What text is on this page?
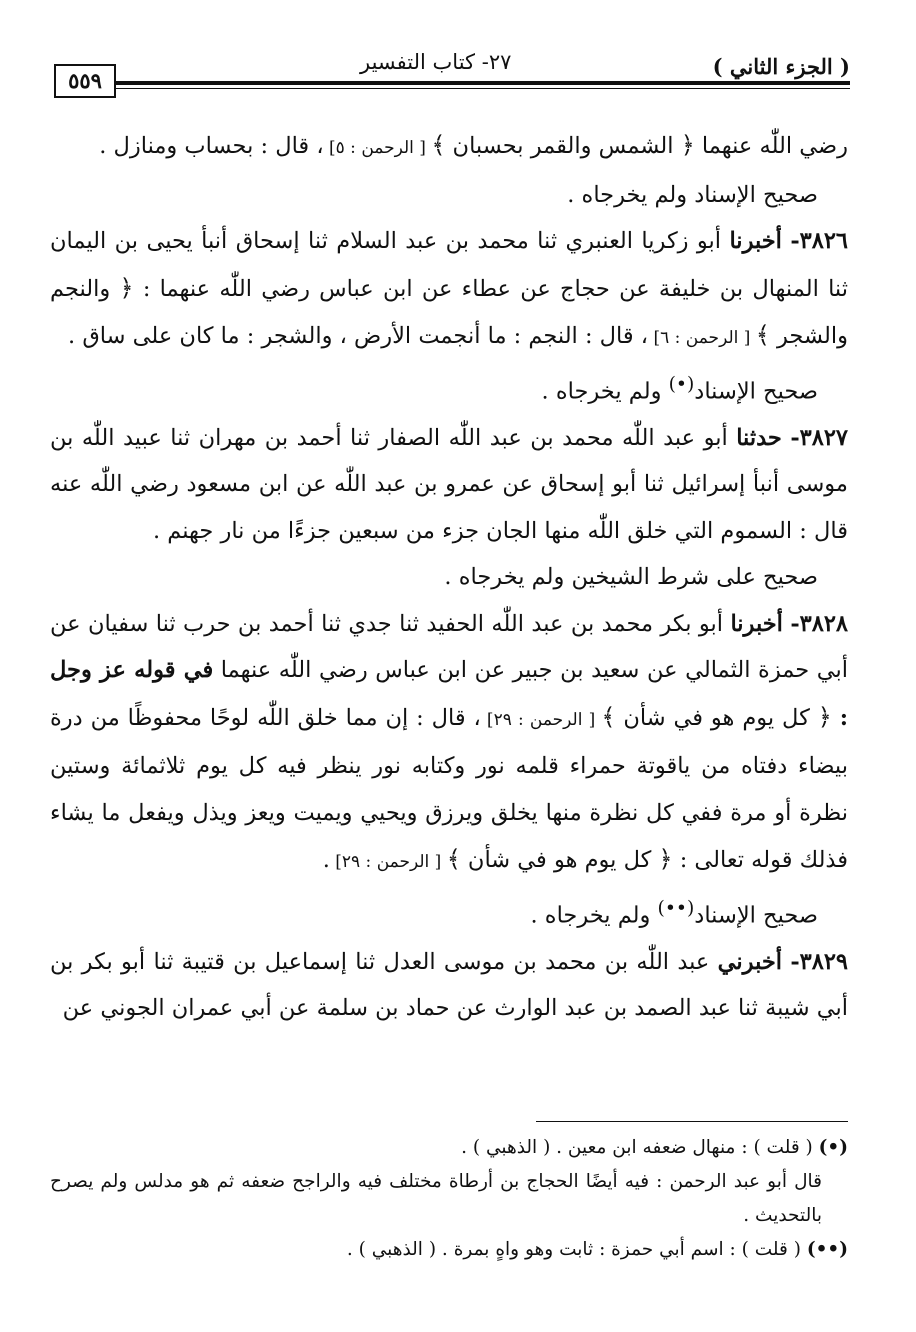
( الجزء الثاني )
٢٧- كتاب التفسير
٥٥٩

رضي اللّٰه عنهما ﴿ الشمس والقمر بحسبان ﴾ [ الرحمن : ٥] ، قال : بحساب ومنازل .

صحيح الإسناد ولم يخرجاه .

٣٨٢٦- أخبرنا أبو زكريا العنبري ثنا محمد بن عبد السلام ثنا إسحاق أنبأ يحيى بن اليمان ثنا المنهال بن خليفة عن حجاج عن عطاء عن ابن عباس رضي اللّٰه عنهما : ﴿ والنجم والشجر ﴾ [ الرحمن : ٦] ، قال : النجم : ما أنجمت الأرض ، والشجر : ما كان على ساق .

صحيح الإسناد(•) ولم يخرجاه .

٣٨٢٧- حدثنا أبو عبد اللّٰه محمد بن عبد اللّٰه الصفار ثنا أحمد بن مهران ثنا عبيد اللّٰه بن موسى أنبأ إسرائيل ثنا أبو إسحاق عن عمرو بن عبد اللّٰه عن ابن مسعود رضي اللّٰه عنه قال : السموم التي خلق اللّٰه منها الجان جزء من سبعين جزءًا من نار جهنم .

صحيح على شرط الشيخين ولم يخرجاه .

٣٨٢٨- أخبرنا أبو بكر محمد بن عبد اللّٰه الحفيد ثنا جدي ثنا أحمد بن حرب ثنا سفيان عن أبي حمزة الثمالي عن سعيد بن جبير عن ابن عباس رضي اللّٰه عنهما في قوله عز وجل : ﴿ كل يوم هو في شأن ﴾ [ الرحمن : ٢٩] ، قال : إن مما خلق اللّٰه لوحًا محفوظًا من درة بيضاء دفتاه من ياقوتة حمراء قلمه نور وكتابه نور ينظر فيه كل يوم ثلاثمائة وستين نظرة أو مرة ففي كل نظرة منها يخلق ويرزق ويحيي ويميت ويعز ويذل ويفعل ما يشاء فذلك قوله تعالى : ﴿ كل يوم هو في شأن ﴾ [ الرحمن : ٢٩] .

صحيح الإسناد(••) ولم يخرجاه .

٣٨٢٩- أخبرني عبد اللّٰه بن محمد بن موسى العدل ثنا إسماعيل بن قتيبة ثنا أبو بكر بن أبي شيبة ثنا عبد الصمد بن عبد الوارث عن حماد بن سلمة عن أبي عمران الجوني عن

(•) ( قلت ) : منهال ضعفه ابن معين . ( الذهبي ) .

قال أبو عبد الرحمن : فيه أيضًا الحجاج بن أرطاة مختلف فيه والراجح ضعفه ثم هو مدلس ولم يصرح بالتحديث .

(••) ( قلت ) : اسم أبي حمزة : ثابت وهو واهٍ بمرة . ( الذهبي ) .
